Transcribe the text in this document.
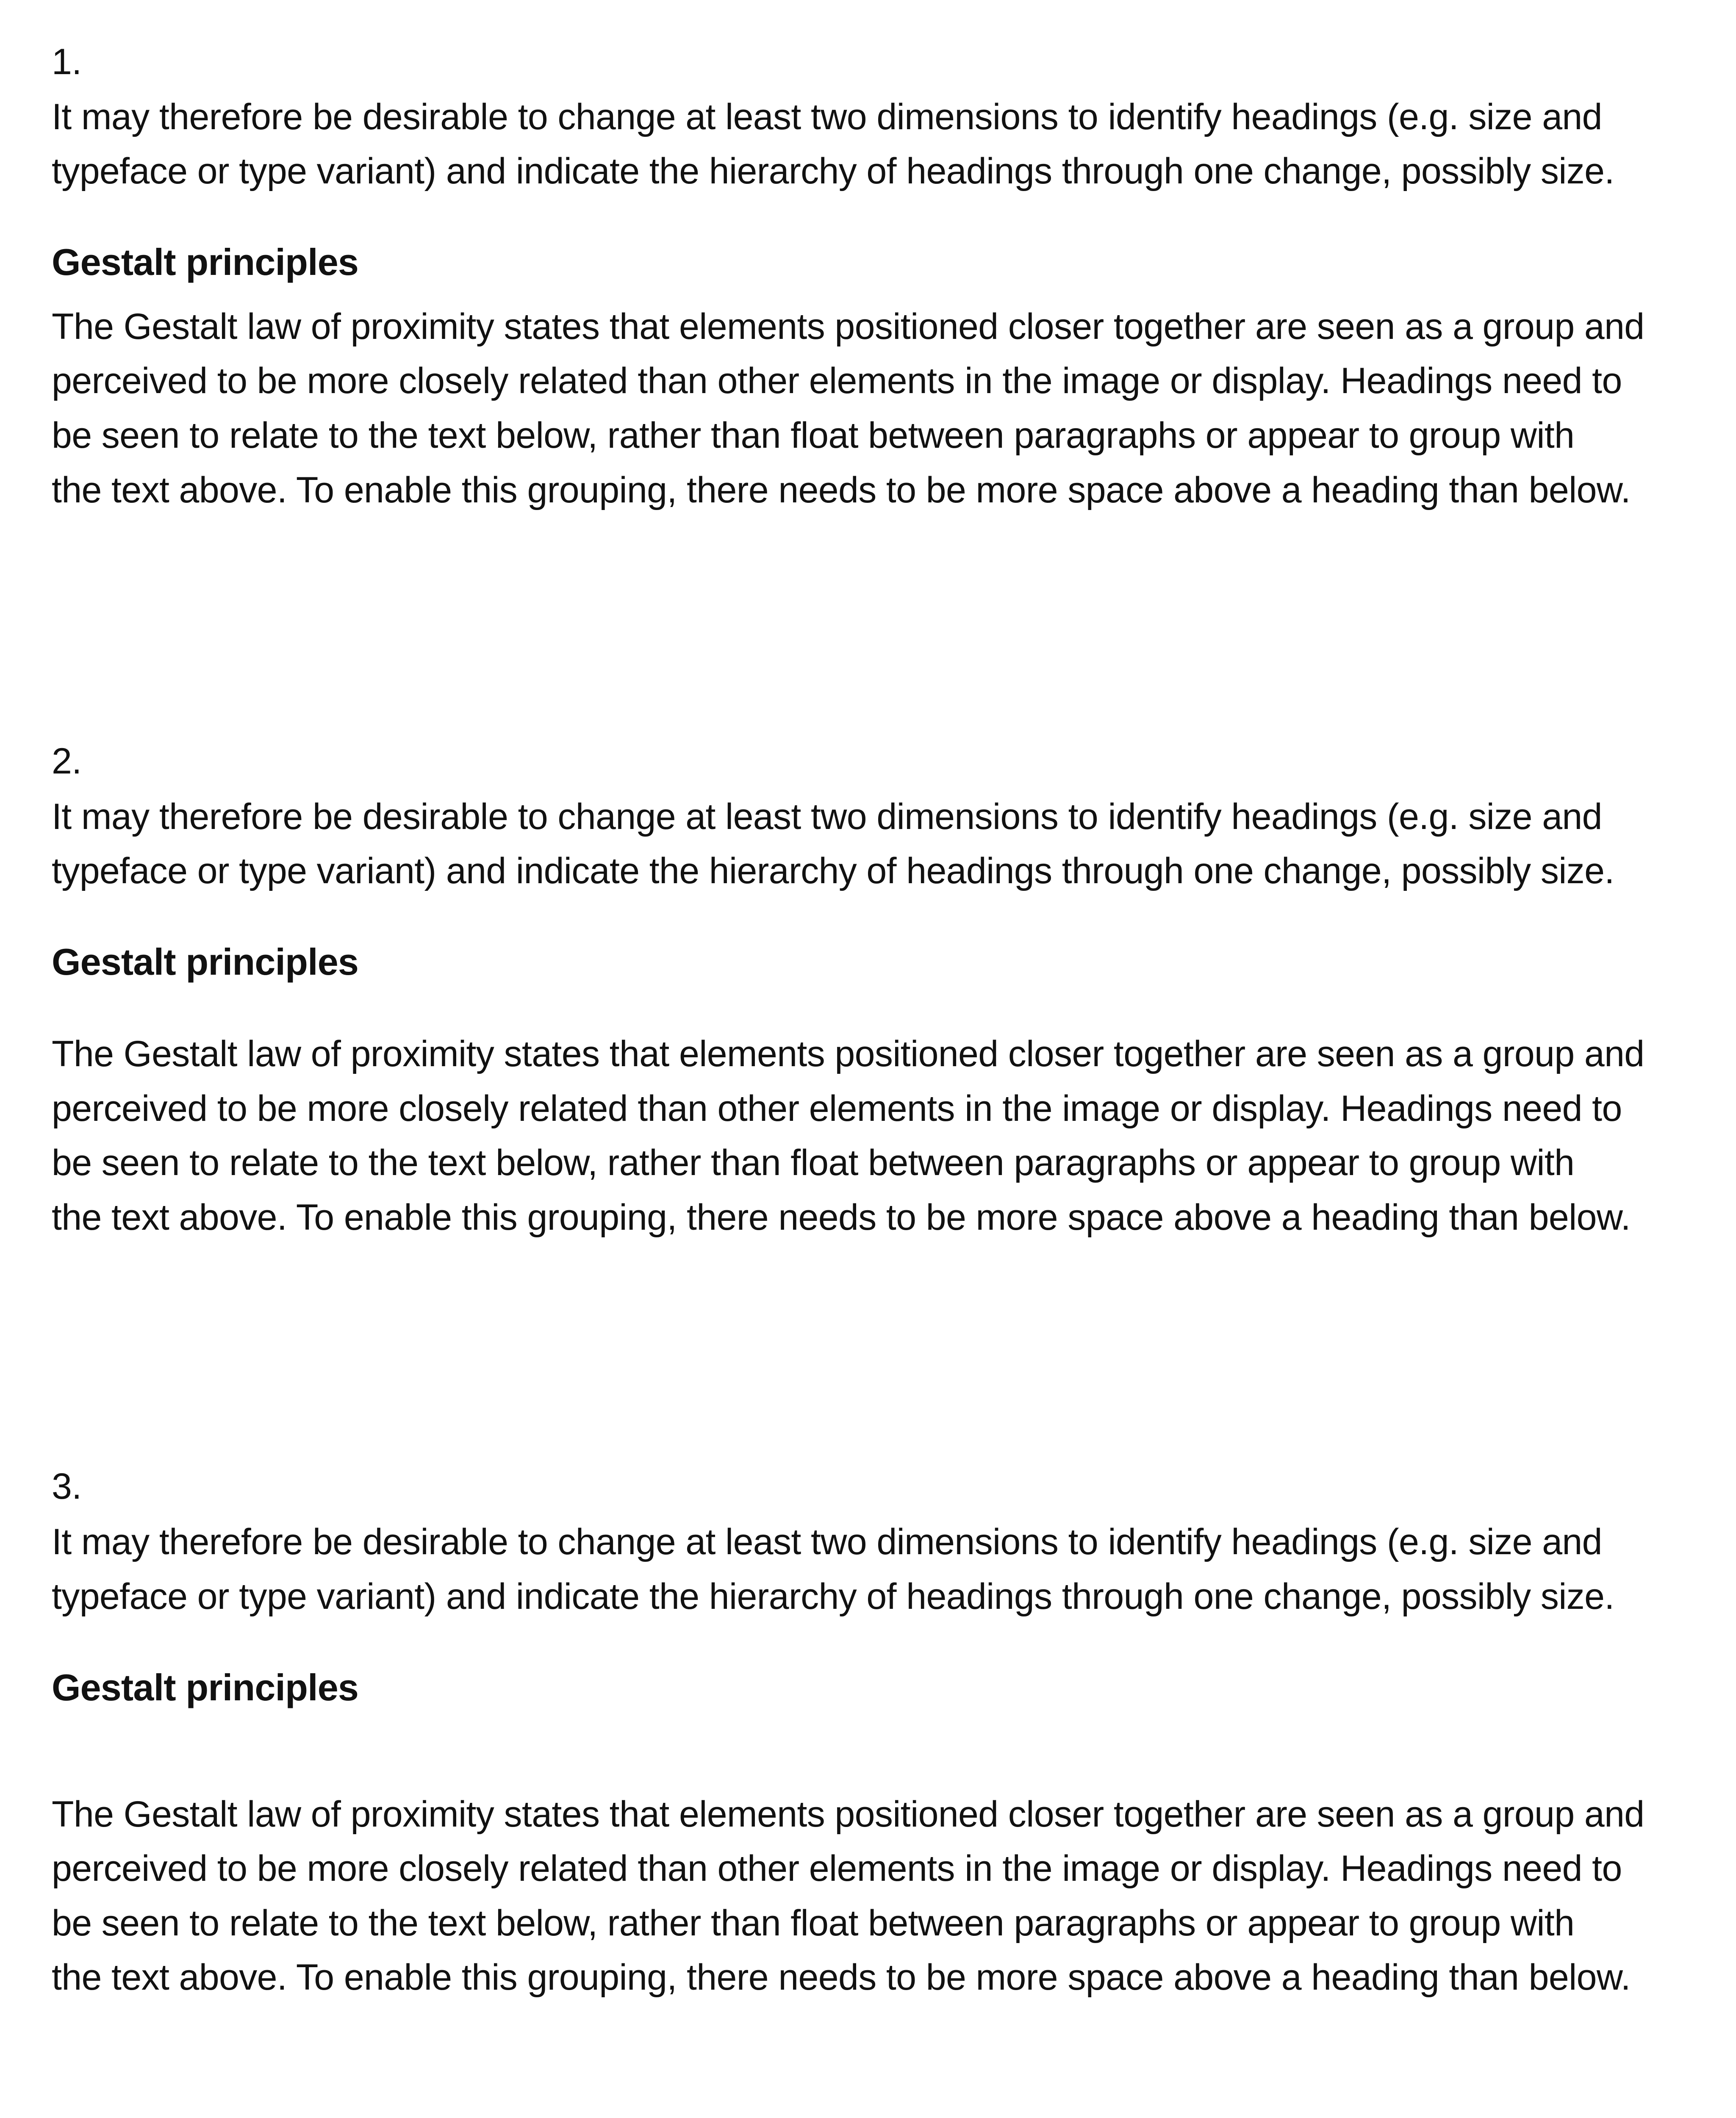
1.

It may therefore be desirable to change at least two dimensions to identify headings (e.g. size and

typeface or type variant) and indicate the hierarchy of headings through one change, possibly size.

Gestalt principles

The Gestalt law of proximity states that elements positioned closer together are seen as a group and

perceived to be more closely related than other elements in the image or display. Headings need to

be seen to relate to the text below, rather than float between paragraphs or appear to group with

the text above. To enable this grouping, there needs to be more space above a heading than below.

2.

It may therefore be desirable to change at least two dimensions to identify headings (e.g. size and

typeface or type variant) and indicate the hierarchy of headings through one change, possibly size.

Gestalt principles

The Gestalt law of proximity states that elements positioned closer together are seen as a group and

perceived to be more closely related than other elements in the image or display. Headings need to

be seen to relate to the text below, rather than float between paragraphs or appear to group with

the text above. To enable this grouping, there needs to be more space above a heading than below.

3.

It may therefore be desirable to change at least two dimensions to identify headings (e.g. size and

typeface or type variant) and indicate the hierarchy of headings through one change, possibly size.

Gestalt principles

The Gestalt law of proximity states that elements positioned closer together are seen as a group and

perceived to be more closely related than other elements in the image or display. Headings need to

be seen to relate to the text below, rather than float between paragraphs or appear to group with

the text above. To enable this grouping, there needs to be more space above a heading than below.
